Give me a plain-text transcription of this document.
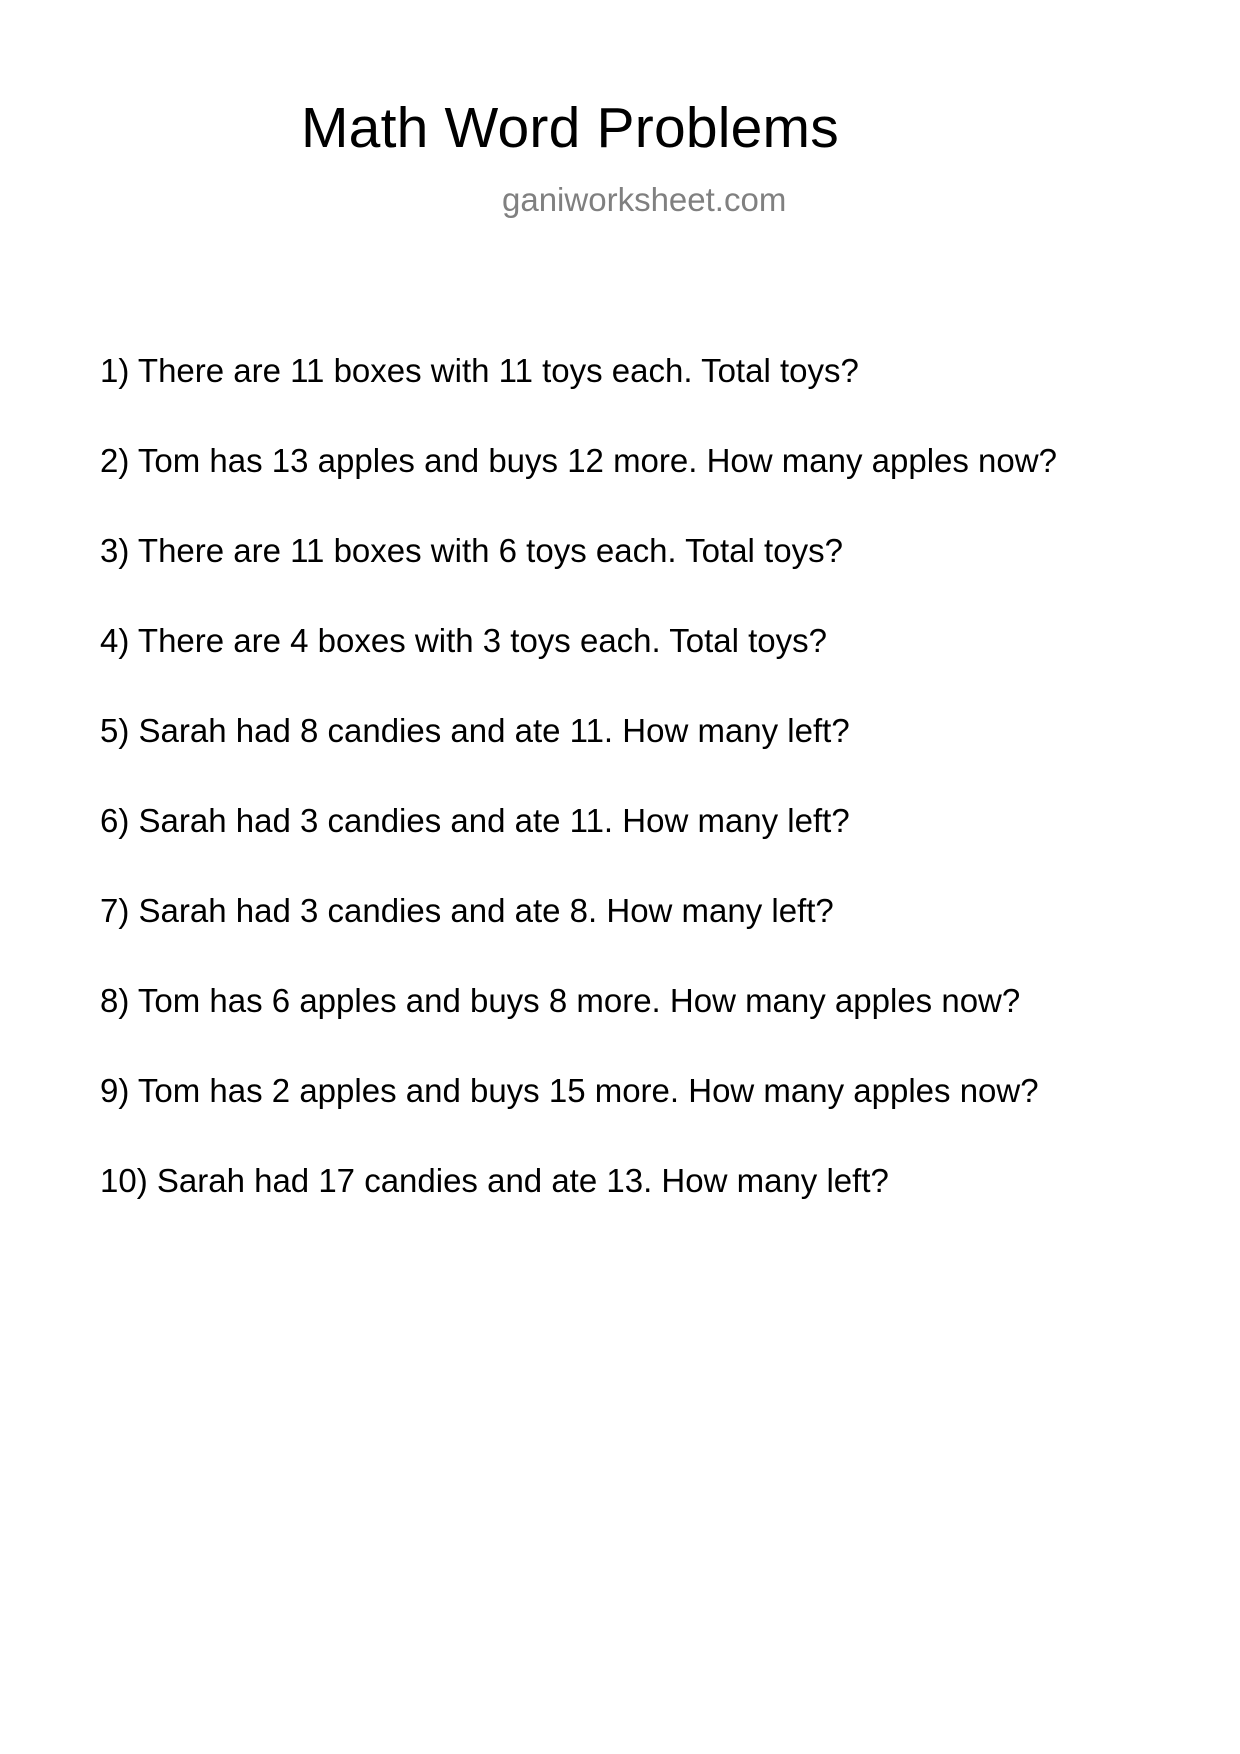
Math Word Problems
ganiworksheet.com
1) There are 11 boxes with 11 toys each. Total toys?
2) Tom has 13 apples and buys 12 more. How many apples now?
3) There are 11 boxes with 6 toys each. Total toys?
4) There are 4 boxes with 3 toys each. Total toys?
5) Sarah had 8 candies and ate 11. How many left?
6) Sarah had 3 candies and ate 11. How many left?
7) Sarah had 3 candies and ate 8. How many left?
8) Tom has 6 apples and buys 8 more. How many apples now?
9) Tom has 2 apples and buys 15 more. How many apples now?
10) Sarah had 17 candies and ate 13. How many left?
